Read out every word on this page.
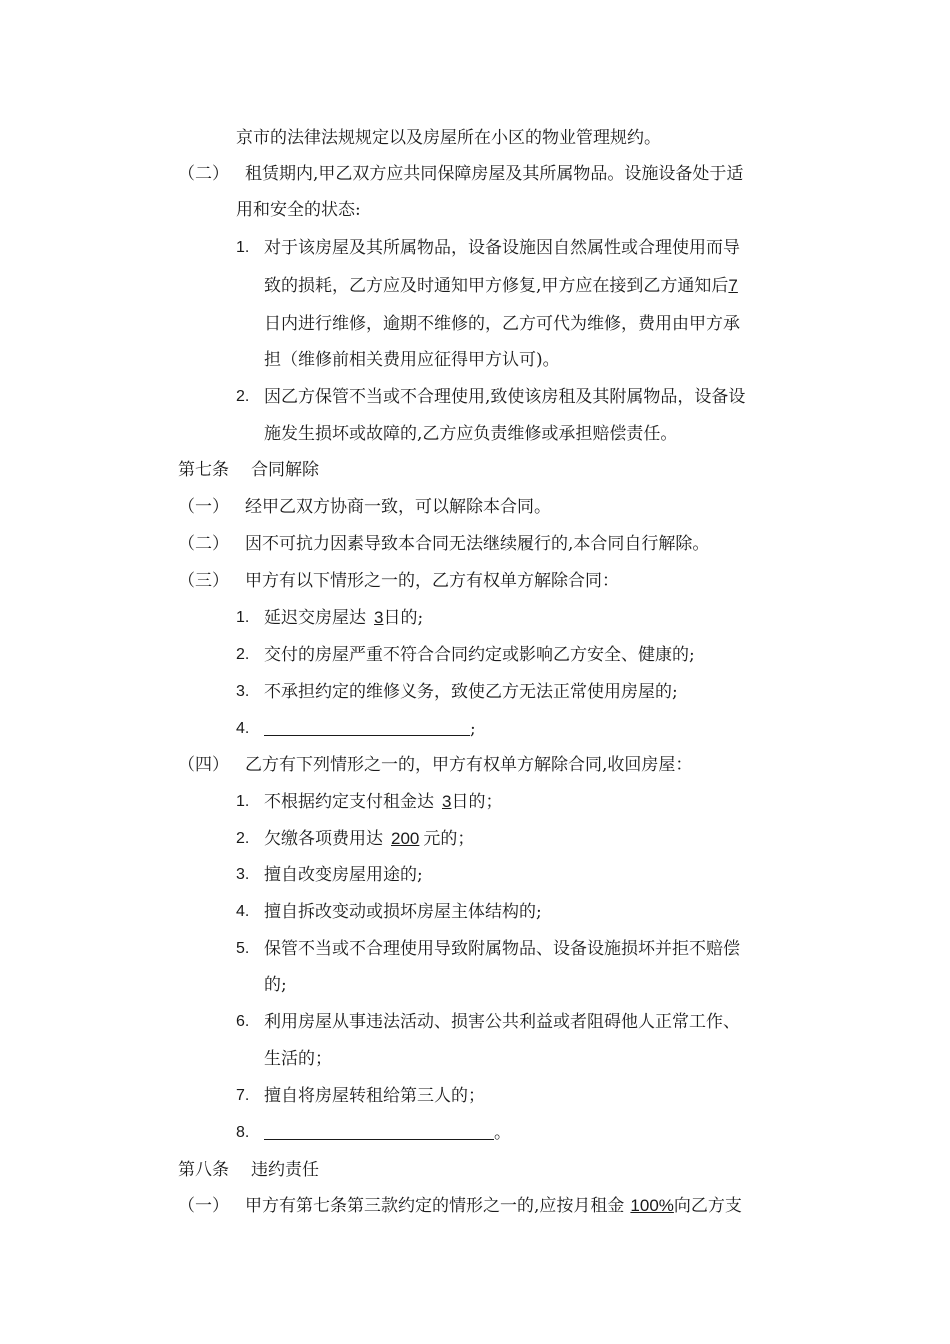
京市的法律法规规定以及房屋所在小区的物业管理规约。
（二） 租赁期内,甲乙双方应共同保障房屋及其所属物品。设施设备处于适
用和安全的状态:
1. 对于该房屋及其所属物品，设备设施因自然属性或合理使用而导
致的损耗，乙方应及时通知甲方修复,甲方应在接到乙方通知后7
日内进行维修，逾期不维修的，乙方可代为维修，费用由甲方承
担（维修前相关费用应征得甲方认可)。
2. 因乙方保管不当或不合理使用,致使该房租及其附属物品，设备设
施发生损坏或故障的,乙方应负责维修或承担赔偿责任。
第七条 合同解除
（一） 经甲乙双方协商一致，可以解除本合同。
（二） 因不可抗力因素导致本合同无法继续履行的,本合同自行解除。
（三） 甲方有以下情形之一的，乙方有权单方解除合同：
1. 延迟交房屋达 3日的;
2. 交付的房屋严重不符合合同约定或影响乙方安全、健康的;
3. 不承担约定的维修义务，致使乙方无法正常使用房屋的;
4.	;
（四） 乙方有下列情形之一的，甲方有权单方解除合同,收回房屋：
1. 不根据约定支付租金达 3日的；
2. 欠缴各项费用达 200 元的；
3. 擅自改变房屋用途的;
4. 擅自拆改变动或损坏房屋主体结构的;
5. 保管不当或不合理使用导致附属物品、设备设施损坏并拒不赔偿
的;
6. 利用房屋从事违法活动、损害公共利益或者阻碍他人正常工作、
生活的；
7. 擅自将房屋转租给第三人的；
8.	。
第八条 违约责任
（一） 甲方有第七条第三款约定的情形之一的,应按月租金 100%向乙方支
